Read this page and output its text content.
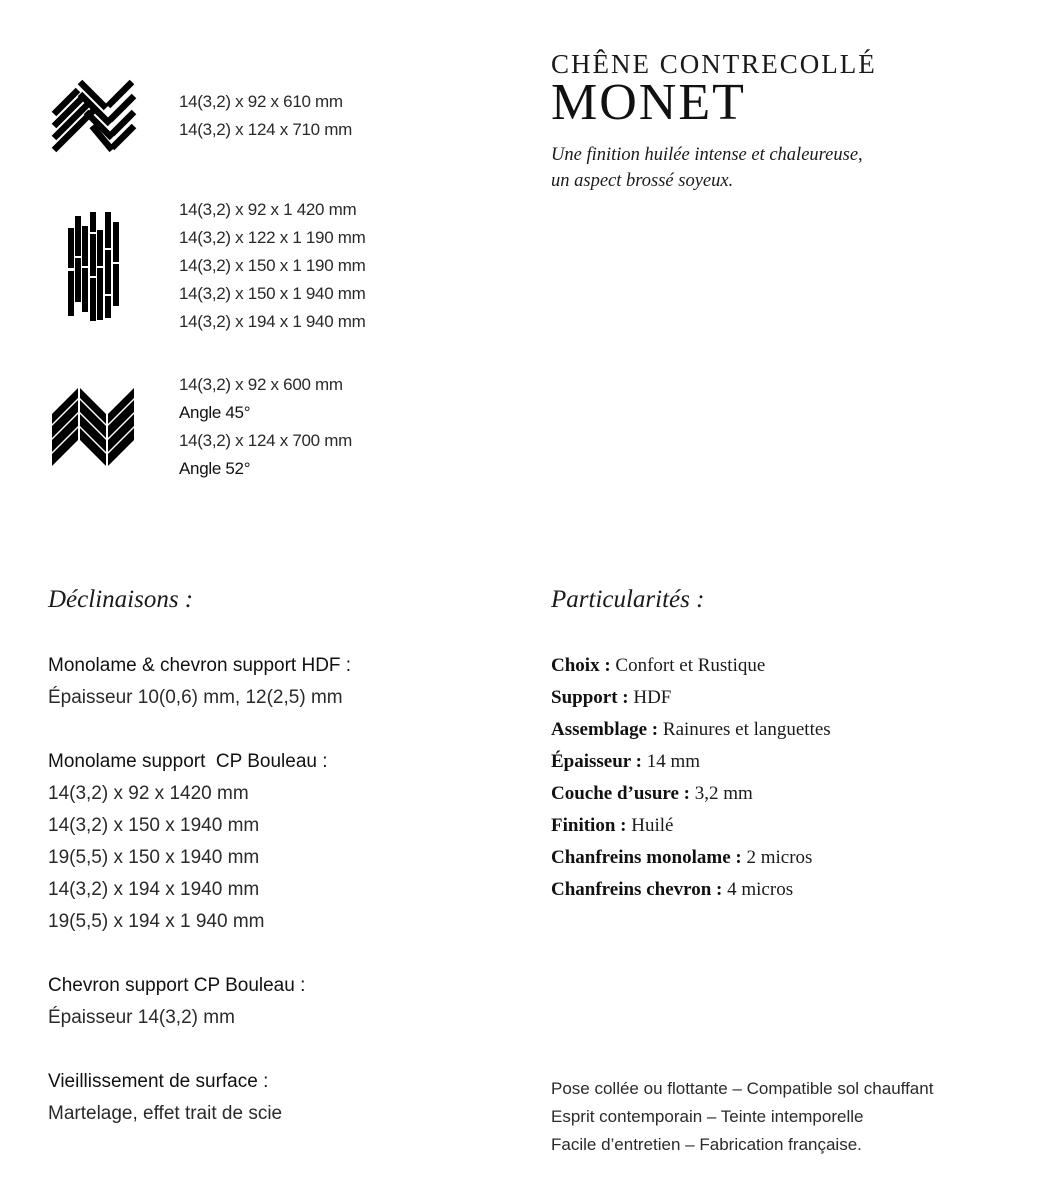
14(3,2) x 92 x 610 mm
14(3,2) x 124 x 710 mm
14(3,2) x 92 x 1 420 mm
14(3,2) x 122 x 1 190 mm
14(3,2) x 150 x 1 190 mm
14(3,2) x 150 x 1 940 mm
14(3,2) x 194 x 1 940 mm
14(3,2) x 92 x 600 mm
Angle 45°
14(3,2) x 124 x 700 mm
Angle 52°
CHÊNE CONTRECOLLÉ
MONET
Une finition huilée intense et chaleureuse,
un aspect brossé soyeux.
Déclinaisons :
Monolame & chevron support HDF :
Épaisseur 10(0,6) mm, 12(2,5) mm
Monolame support  CP Bouleau :
14(3,2) x 92 x 1420 mm
14(3,2) x 150 x 1940 mm
19(5,5) x 150 x 1940 mm
14(3,2) x 194 x 1940 mm
19(5,5) x 194 x 1 940 mm
Chevron support CP Bouleau :
Épaisseur 14(3,2) mm
Vieillissement de surface :
Martelage, effet trait de scie
Particularités :
Choix : Confort et Rustique
Support : HDF
Assemblage : Rainures et languettes
Épaisseur : 14 mm
Couche d’usure : 3,2 mm
Finition : Huilé
Chanfreins monolame : 2 micros
Chanfreins chevron : 4 micros
Pose collée ou flottante – Compatible sol chauffant
Esprit contemporain – Teinte intemporelle
Facile d’entretien – Fabrication française.
